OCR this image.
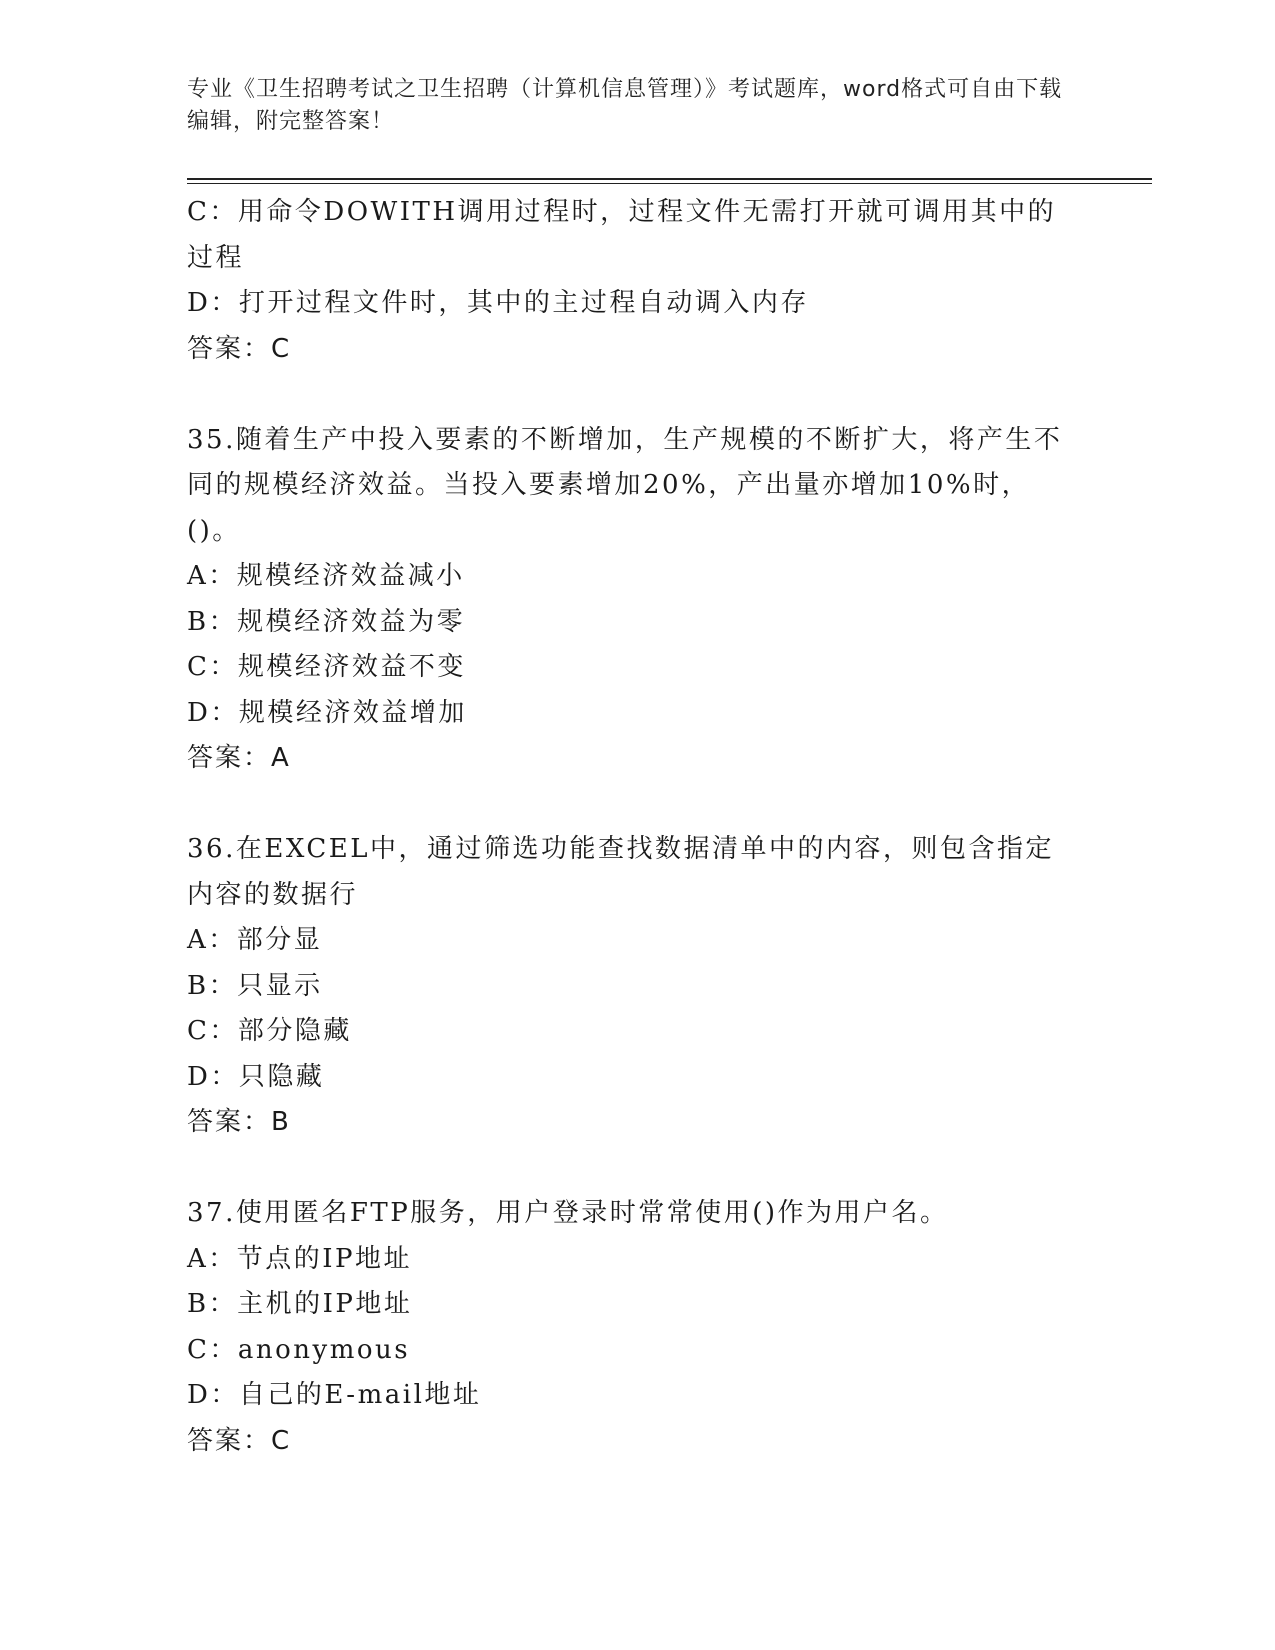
专业《卫生招聘考试之卫生招聘（计算机信息管理）》考试题库，word格式可自由下载编辑，附完整答案！

C：用命令DOWITH调用过程时，过程文件无需打开就可调用其中的过程

D：打开过程文件时，其中的主过程自动调入内存

答案：C

35.随着生产中投入要素的不断增加，生产规模的不断扩大，将产生不同的规模经济效益。当投入要素增加20%，产出量亦增加10%时，()。

A：规模经济效益减小

B：规模经济效益为零

C：规模经济效益不变

D：规模经济效益增加

答案：A

36.在EXCEL中，通过筛选功能查找数据清单中的内容，则包含指定内容的数据行

A：部分显

B：只显示

C：部分隐藏

D：只隐藏

答案：B

37.使用匿名FTP服务，用户登录时常常使用()作为用户名。

A：节点的IP地址

B：主机的IP地址

C：anonymous

D：自己的E-mail地址

答案：C
